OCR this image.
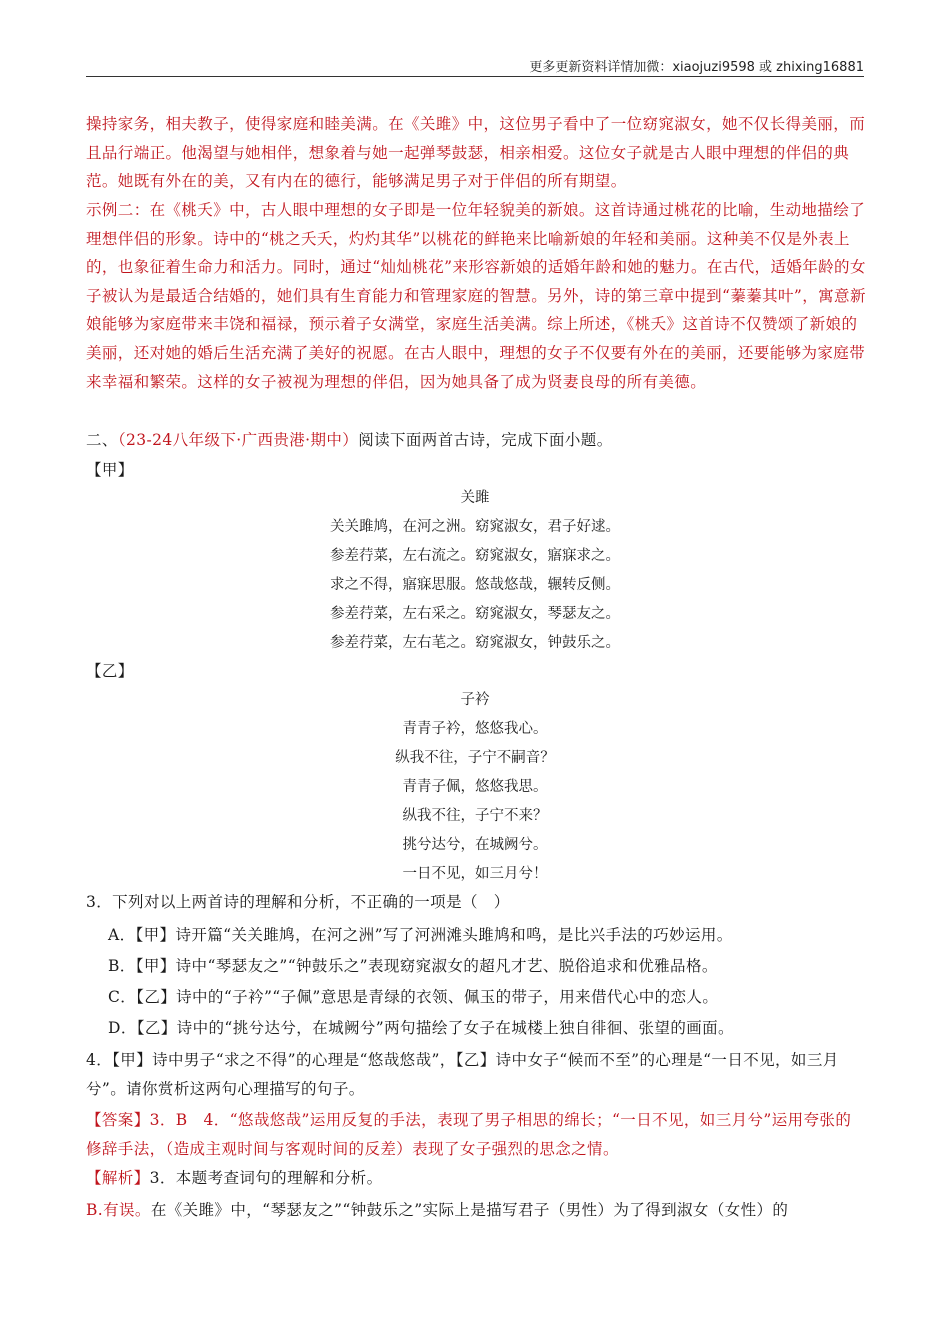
更多更新资料详情加微：xiaojuzi9598 或 zhixing16881
操持家务，相夫教子，使得家庭和睦美满。在《关雎》中，这位男子看中了一位窈窕淑女，她不仅长得美丽，而且品行端正。他渴望与她相伴，想象着与她一起弹琴鼓瑟，相亲相爱。这位女子就是古人眼中理想的伴侣的典范。她既有外在的美，又有内在的德行，能够满足男子对于伴侣的所有期望。
示例二：在《桃夭》中，古人眼中理想的女子即是一位年轻貌美的新娘。这首诗通过桃花的比喻，生动地描绘了理想伴侣的形象。诗中的“桃之夭夭，灼灼其华”以桃花的鲜艳来比喻新娘的年轻和美丽。这种美不仅是外表上的，也象征着生命力和活力。同时，通过“灿灿桃花”来形容新娘的适婚年龄和她的魅力。在古代，适婚年龄的女子被认为是最适合结婚的，她们具有生育能力和管理家庭的智慧。另外，诗的第三章中提到“蓁蓁其叶”，寓意新娘能够为家庭带来丰饶和福禄，预示着子女满堂，家庭生活美满。综上所述，《桃夭》这首诗不仅赞颂了新娘的美丽，还对她的婚后生活充满了美好的祝愿。在古人眼中，理想的女子不仅要有外在的美丽，还要能够为家庭带来幸福和繁荣。这样的女子被视为理想的伴侣，因为她具备了成为贤妻良母的所有美德。
二、（23-24八年级下·广西贵港·期中）阅读下面两首古诗，完成下面小题。
【甲】
关雎
关关雎鸠，在河之洲。窈窕淑女，君子好逑。
参差荇菜，左右流之。窈窕淑女，寤寐求之。
求之不得，寤寐思服。悠哉悠哉，辗转反侧。
参差荇菜，左右采之。窈窕淑女，琴瑟友之。
参差荇菜，左右芼之。窈窕淑女，钟鼓乐之。
【乙】
子衿
青青子衿，悠悠我心。
纵我不往，子宁不嗣音？
青青子佩，悠悠我思。
纵我不往，子宁不来？
挑兮达兮，在城阙兮。
一日不见，如三月兮！
3．下列对以上两首诗的理解和分析，不正确的一项是（　）
A．【甲】诗开篇“关关雎鸠，在河之洲”写了河洲滩头雎鸠和鸣，是比兴手法的巧妙运用。
B．【甲】诗中“琴瑟友之”“钟鼓乐之”表现窈窕淑女的超凡才艺、脱俗追求和优雅品格。
C．【乙】诗中的“子衿”“子佩”意思是青绿的衣领、佩玉的带子，用来借代心中的恋人。
D．【乙】诗中的“挑兮达兮，在城阙兮”两句描绘了女子在城楼上独自徘徊、张望的画面。
4．【甲】诗中男子“求之不得”的心理是“悠哉悠哉”，【乙】诗中女子“候而不至”的心理是“一日不见，如三月兮”。请你赏析这两句心理描写的句子。
【答案】3．B　4．“悠哉悠哉”运用反复的手法，表现了男子相思的绵长；“一日不见，如三月兮”运用夸张的修辞手法，（造成主观时间与客观时间的反差）表现了女子强烈的思念之情。
【解析】3．本题考查词句的理解和分析。
B.有误。在《关雎》中，“琴瑟友之”“钟鼓乐之”实际上是描写君子（男性）为了得到淑女（女性）的
